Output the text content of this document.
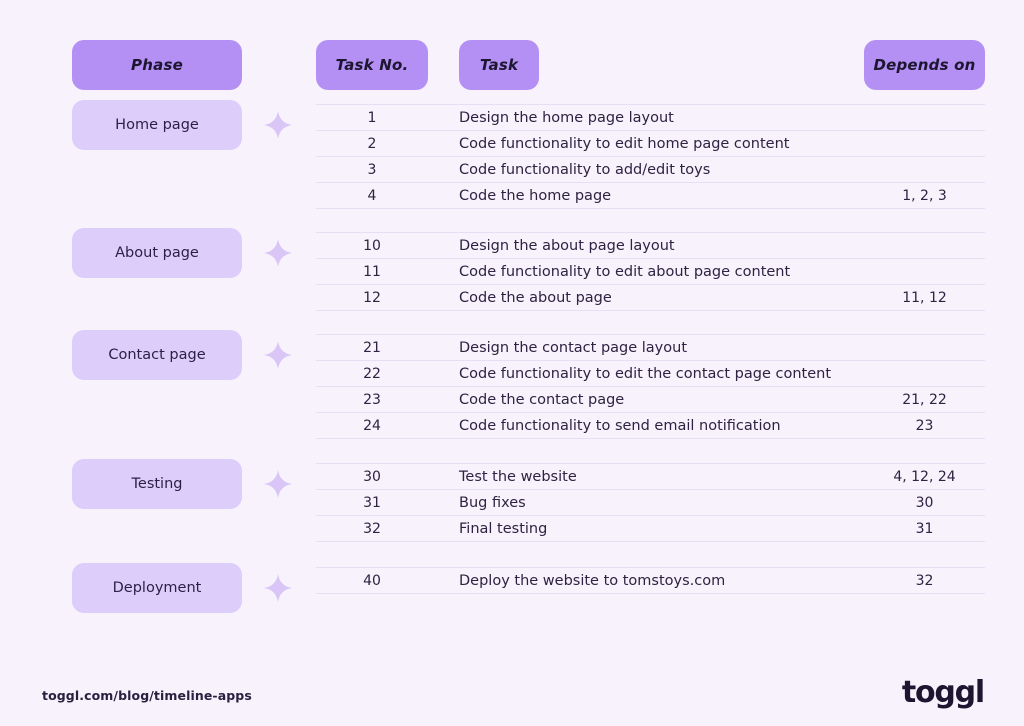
Phase	Task No.	Task	Depends on
Home page	1	Design the home page layout
2	Code functionality to edit home page content
3	Code functionality to add/edit toys
4	Code the home page	1, 2, 3
About page	10	Design the about page layout
11	Code functionality to edit about page content
12	Code the about page	11, 12
Contact page	21	Design the contact page layout
22	Code functionality to edit the contact page content
23	Code the contact page	21, 22
24	Code functionality to send email notification	23
Testing	30	Test the website	4, 12, 24
31	Bug fixes	30
32	Final testing	31
Deployment	40	Deploy the website to tomstoys.com	32
toggl.com/blog/timeline-apps	toggl
